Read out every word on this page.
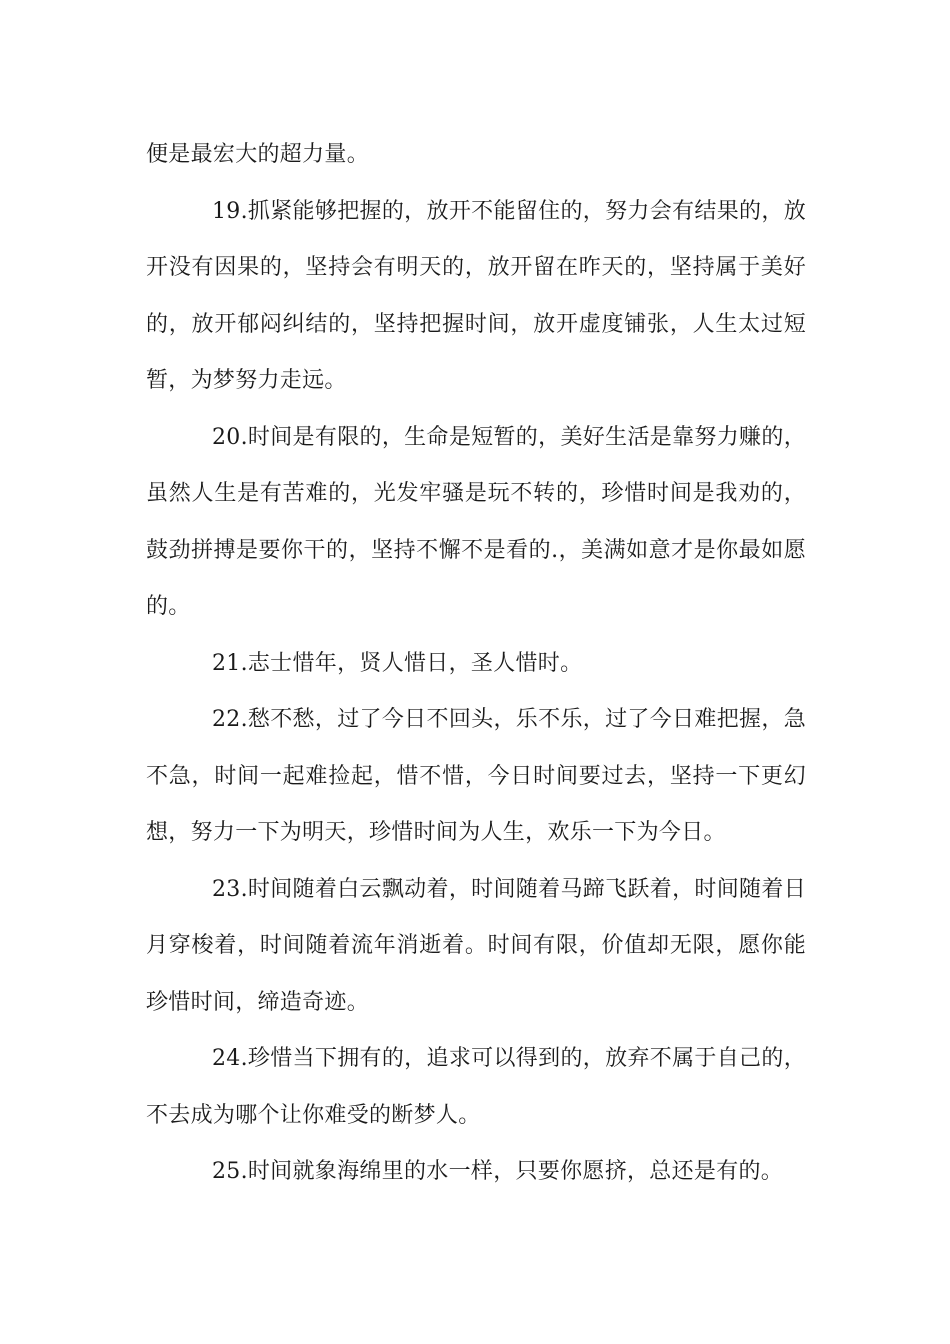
便是最宏大的超力量。

19.抓紧能够把握的，放开不能留住的，努力会有结果的，放开没有因果的，坚持会有明天的，放开留在昨天的，坚持属于美好的，放开郁闷纠结的，坚持把握时间，放开虚度铺张，人生太过短暂，为梦努力走远。

20.时间是有限的，生命是短暂的，美好生活是靠努力赚的，虽然人生是有苦难的，光发牢骚是玩不转的，珍惜时间是我劝的，鼓劲拼搏是要你干的，坚持不懈不是看的.，美满如意才是你最如愿的。

21.志士惜年，贤人惜日，圣人惜时。

22.愁不愁，过了今日不回头，乐不乐，过了今日难把握，急不急，时间一起难捡起，惜不惜，今日时间要过去，坚持一下更幻想，努力一下为明天，珍惜时间为人生，欢乐一下为今日。

23.时间随着白云飘动着，时间随着马蹄飞跃着，时间随着日月穿梭着，时间随着流年消逝着。时间有限，价值却无限，愿你能珍惜时间，缔造奇迹。

24.珍惜当下拥有的，追求可以得到的，放弃不属于自己的，不去成为哪个让你难受的断梦人。

25.时间就象海绵里的水一样，只要你愿挤，总还是有的。
